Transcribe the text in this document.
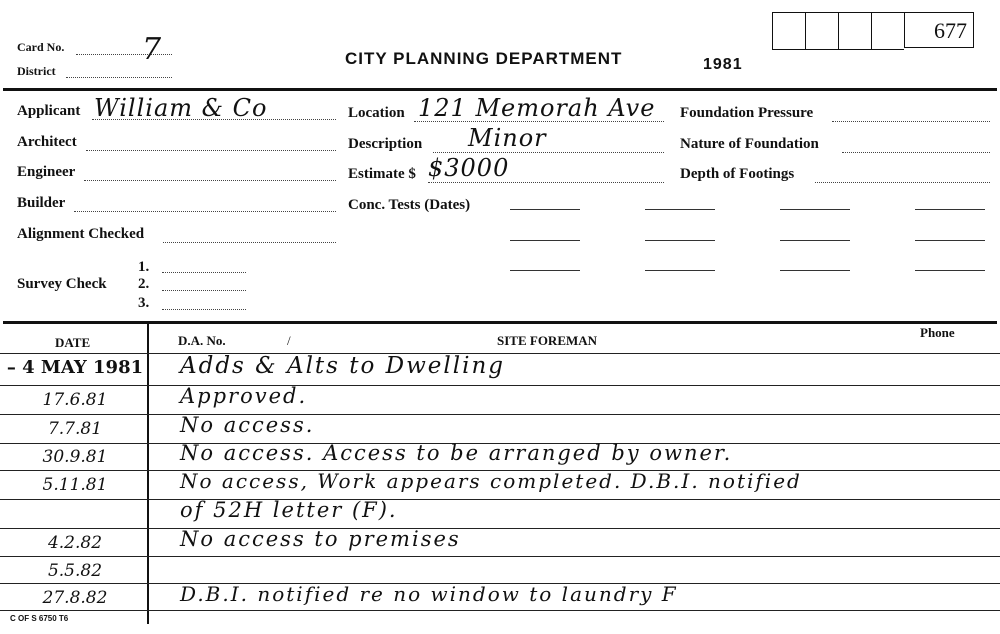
Card No.	7
District
CITY PLANNING DEPARTMENT	1981
677
Applicant William & Co
Architect
Engineer
Builder
Alignment Checked
Survey Check
1.
2.
3.
Location 121 Memorah Ave
Description Minor
Estimate $ $3000
Conc. Tests (Dates)
Foundation Pressure
Nature of Foundation
Depth of Footings
DATE	D.A. No.	/	SITE FOREMAN
Phone
– 4 MAY 1981 Adds & Alts to Dwelling
17.6.81	Approved.
7.7.81	No access.
30.9.81	No access. Access to be arranged by owner.
5.11.81	No access, Work appears completed. D.B.I. notified
of 52H letter (F).
4.2.82	No access to premises
5.5.82
27.8.82	D.B.I. notified re no window to laundry F
C OF S 6750 T6
